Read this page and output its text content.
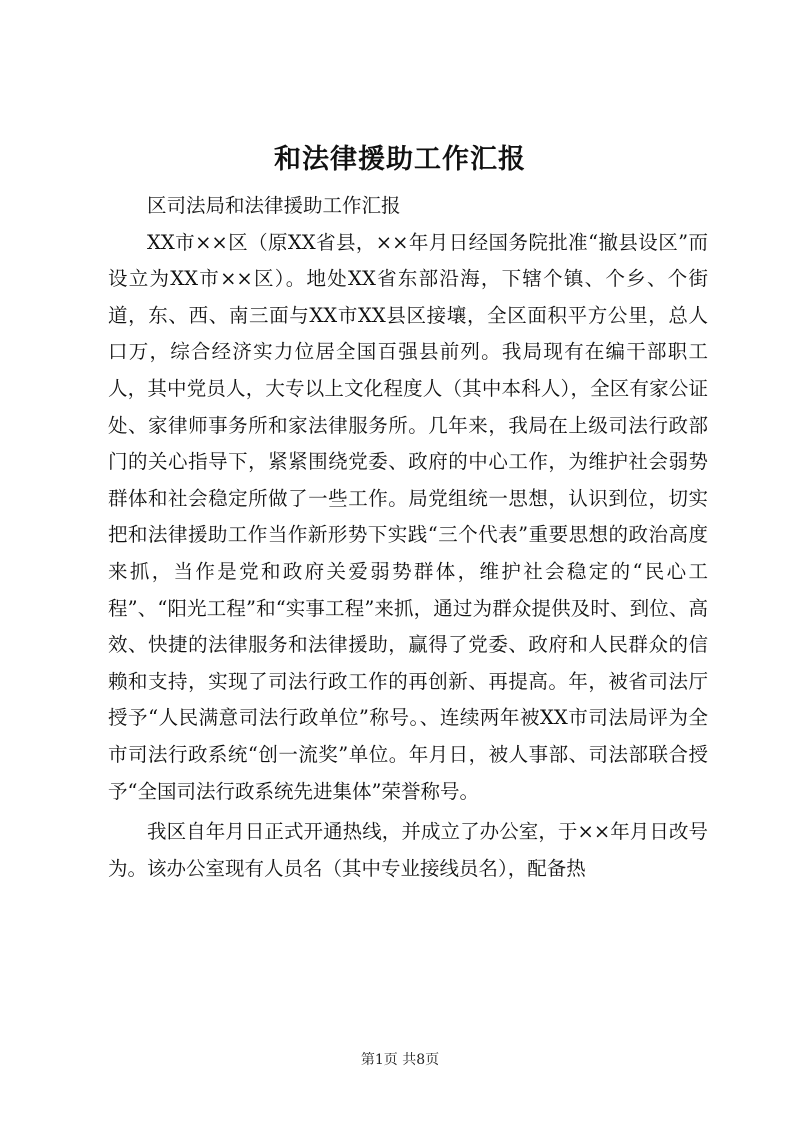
和法律援助工作汇报

区司法局和法律援助工作汇报

XX市××区（原XX省县，××年月日经国务院批准“撤县设区”而设立为XX市××区）。地处XX省东部沿海，下辖个镇、个乡、个街道，东、西、南三面与XX市XX县区接壤，全区面积平方公里，总人口万，综合经济实力位居全国百强县前列。我局现有在编干部职工人，其中党员人，大专以上文化程度人（其中本科人），全区有家公证处、家律师事务所和家法律服务所。几年来，我局在上级司法行政部门的关心指导下，紧紧围绕党委、政府的中心工作，为维护社会弱势群体和社会稳定所做了一些工作。局党组统一思想，认识到位，切实把和法律援助工作当作新形势下实践“三个代表”重要思想的政治高度来抓，当作是党和政府关爱弱势群体，维护社会稳定的“民心工程”、“阳光工程”和“实事工程”来抓，通过为群众提供及时、到位、高效、快捷的法律服务和法律援助，赢得了党委、政府和人民群众的信赖和支持，实现了司法行政工作的再创新、再提高。年，被省司法厅授予“人民满意司法行政单位”称号。、连续两年被XX市司法局评为全市司法行政系统“创一流奖”单位。年月日，被人事部、司法部联合授予“全国司法行政系统先进集体”荣誉称号。

我区自年月日正式开通热线，并成立了办公室，于××年月日改号为。该办公室现有人员名（其中专业接线员名），配备热

第1页 共8页
